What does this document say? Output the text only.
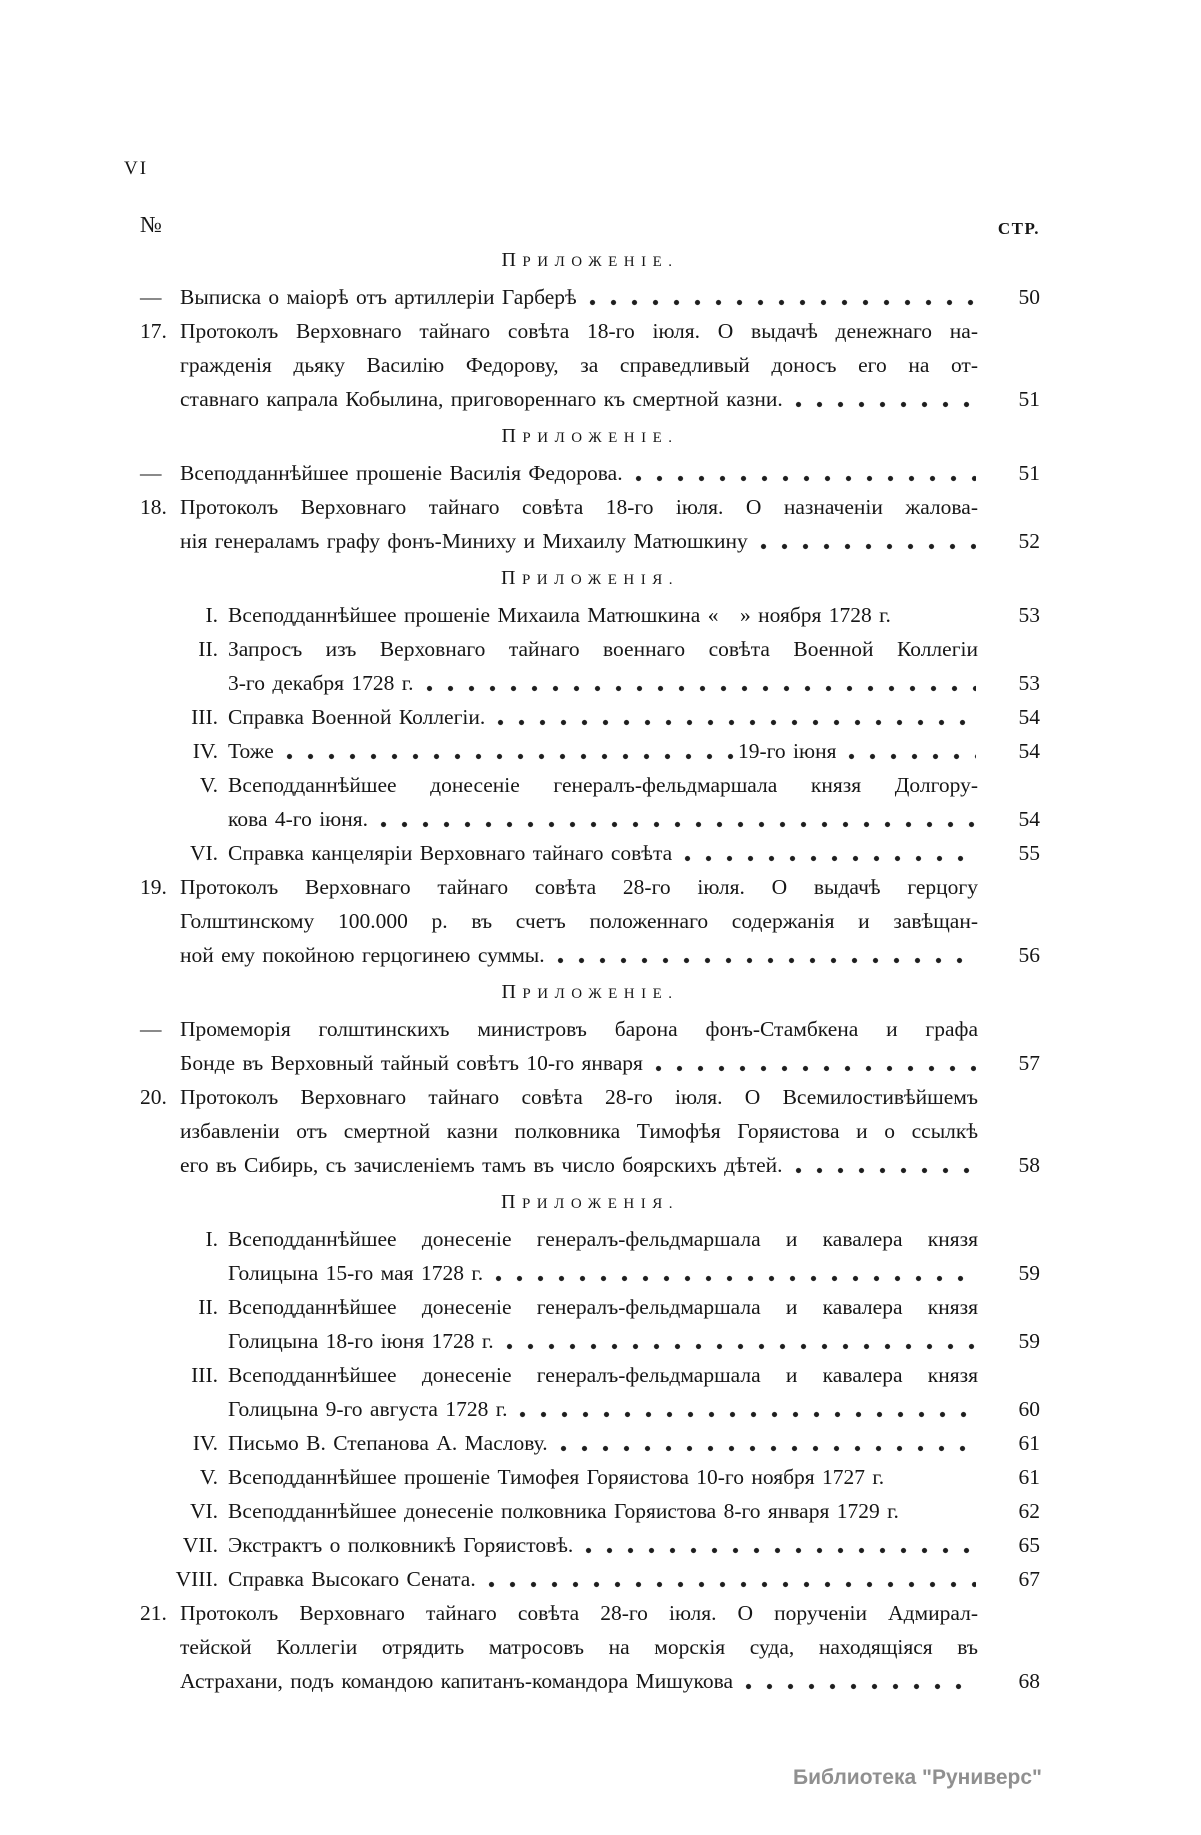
VI
№	СТР.
ПРИЛОЖЕНІЕ.
— Выписка о маіорѣ отъ артиллеріи Гарберѣ	50
17. Протоколъ Верховнаго тайнаго совѣта 18-го іюля. О выдачѣ денежнаго на-
гражденія дьяку Василію Федорову, за справедливый доносъ его на от-
ставнаго капрала Кобылина, приговореннаго къ смертной казни.	51
ПРИЛОЖЕНІЕ.
— Всеподданнѣйшее прошеніе Василія Федорова.	51
18. Протоколъ Верховнаго тайнаго совѣта 18-го іюля. О назначеніи жалова-
нія генераламъ графу фонъ-Миниху и Михаилу Матюшкину	52
ПРИЛОЖЕНІЯ.
I. Всеподданнѣйшее прошеніе Михаила Матюшкина «  » ноября 1728 г.	53
II. Запросъ изъ Верховнаго тайнаго военнаго совѣта Военной Коллегіи
3-го декабря 1728 г.	53
III. Справка Военной Коллегіи.	54
IV. Тоже	19-го іюня	54
V. Всеподданнѣйшее донесеніе генералъ-фельдмаршала князя Долгору-
кова 4-го іюня.	54
VI. Справка канцеляріи Верховнаго тайнаго совѣта	55
19. Протоколъ Верховнаго тайнаго совѣта 28-го іюля. О выдачѣ герцогу
Голштинскому 100.000 р. въ счетъ положеннаго содержанія и завѣщан-
ной ему покойною герцогинею суммы.	56
ПРИЛОЖЕНІЕ.
— Промеморія голштинскихъ министровъ барона фонъ-Стамбкена и графа
Бонде въ Верховный тайный совѣтъ 10-го января	57
20. Протоколъ Верховнаго тайнаго совѣта 28-го іюля. О Всемилостивѣйшемъ
избавленіи отъ смертной казни полковника Тимофѣя Горяистова и о ссылкѣ
его въ Сибирь, съ зачисленіемъ тамъ въ число боярскихъ дѣтей.	58
ПРИЛОЖЕНІЯ.
I. Всеподданнѣйшее донесеніе генералъ-фельдмаршала и кавалера князя
Голицына 15-го мая 1728 г.	59
II. Всеподданнѣйшее донесеніе генералъ-фельдмаршала и кавалера князя
Голицына 18-го іюня 1728 г.	59
III. Всеподданнѣйшее донесеніе генералъ-фельдмаршала и кавалера князя
Голицына 9-го августа 1728 г.	60
IV. Письмо В. Степанова А. Маслову.	61
V. Всеподданнѣйшее прошеніе Тимофея Горяистова 10-го ноября 1727 г.	61
VI. Всеподданнѣйшее донесеніе полковника Горяистова 8-го января 1729 г.	62
VII. Экстрактъ о полковникѣ Горяистовѣ.	65
VIII. Справка Высокаго Сената.	67
21. Протоколъ Верховнаго тайнаго совѣта 28-го іюля. О порученіи Адмирал-
тейской Коллегіи отрядить матросовъ на морскія суда, находящіяся въ
Астрахани, подъ командою капитанъ-командора Мишукова	68
Библиотека "Руниверс"
